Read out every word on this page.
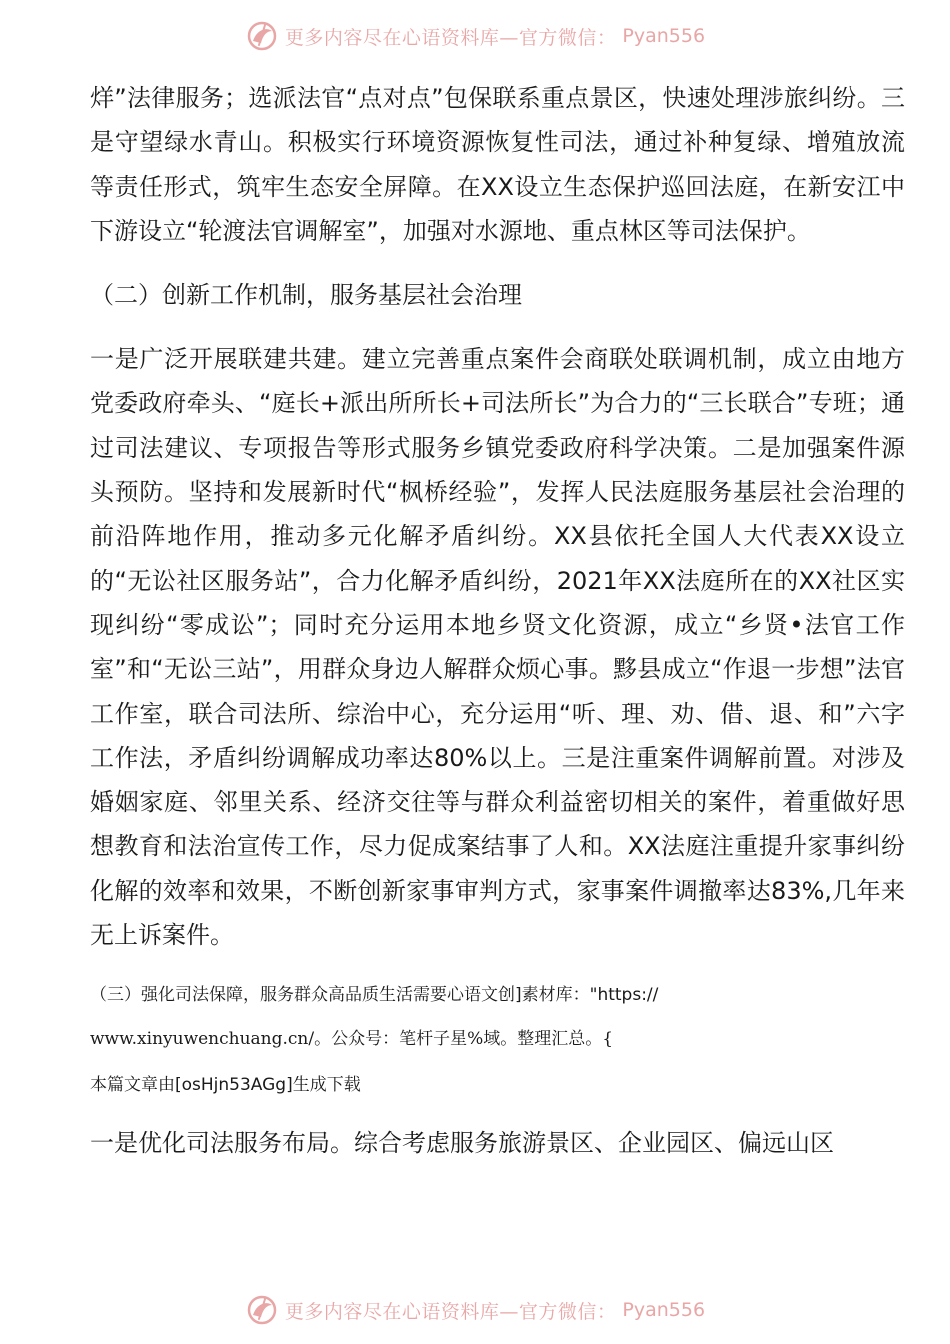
更多内容尽在心语资料库—官方微信： Pyan556

烊”法律服务；选派法官“点对点”包保联系重点景区，快速处理涉旅纠纷。三是守望绿水青山。积极实行环境资源恢复性司法，通过补种复绿、增殖放流等责任形式，筑牢生态安全屏障。在XX设立生态保护巡回法庭，在新安江中下游设立“轮渡法官调解室”，加强对水源地、重点林区等司法保护。

（二）创新工作机制，服务基层社会治理

一是广泛开展联建共建。建立完善重点案件会商联处联调机制，成立由地方党委政府牵头、“庭长+派出所所长+司法所长”为合力的“三长联合”专班；通过司法建议、专项报告等形式服务乡镇党委政府科学决策。二是加强案件源头预防。坚持和发展新时代“枫桥经验”，发挥人民法庭服务基层社会治理的前沿阵地作用，推动多元化解矛盾纠纷。XX县依托全国人大代表XX设立的“无讼社区服务站”，合力化解矛盾纠纷，2021年XX法庭所在的XX社区实现纠纷“零成讼”；同时充分运用本地乡贤文化资源，成立“乡贤•法官工作室”和“无讼三站”，用群众身边人解群众烦心事。黟县成立“作退一步想”法官工作室，联合司法所、综治中心，充分运用“听、理、劝、借、退、和”六字工作法，矛盾纠纷调解成功率达80%以上。三是注重案件调解前置。对涉及婚姻家庭、邻里关系、经济交往等与群众利益密切相关的案件，着重做好思想教育和法治宣传工作，尽力促成案结事了人和。XX法庭注重提升家事纠纷化解的效率和效果，不断创新家事审判方式，家事案件调撤率达83%,几年来无上诉案件。

（三）强化司法保障，服务群众高品质生活需要心语文创]素材库："https://

www.xinyuwenchuang.cn/。公众号：笔杆子星%域。整理汇总。{

本篇文章由[osHjn53AGg]生成下载

一是优化司法服务布局。综合考虑服务旅游景区、企业园区、偏远山区

更多内容尽在心语资料库—官方微信： Pyan556
